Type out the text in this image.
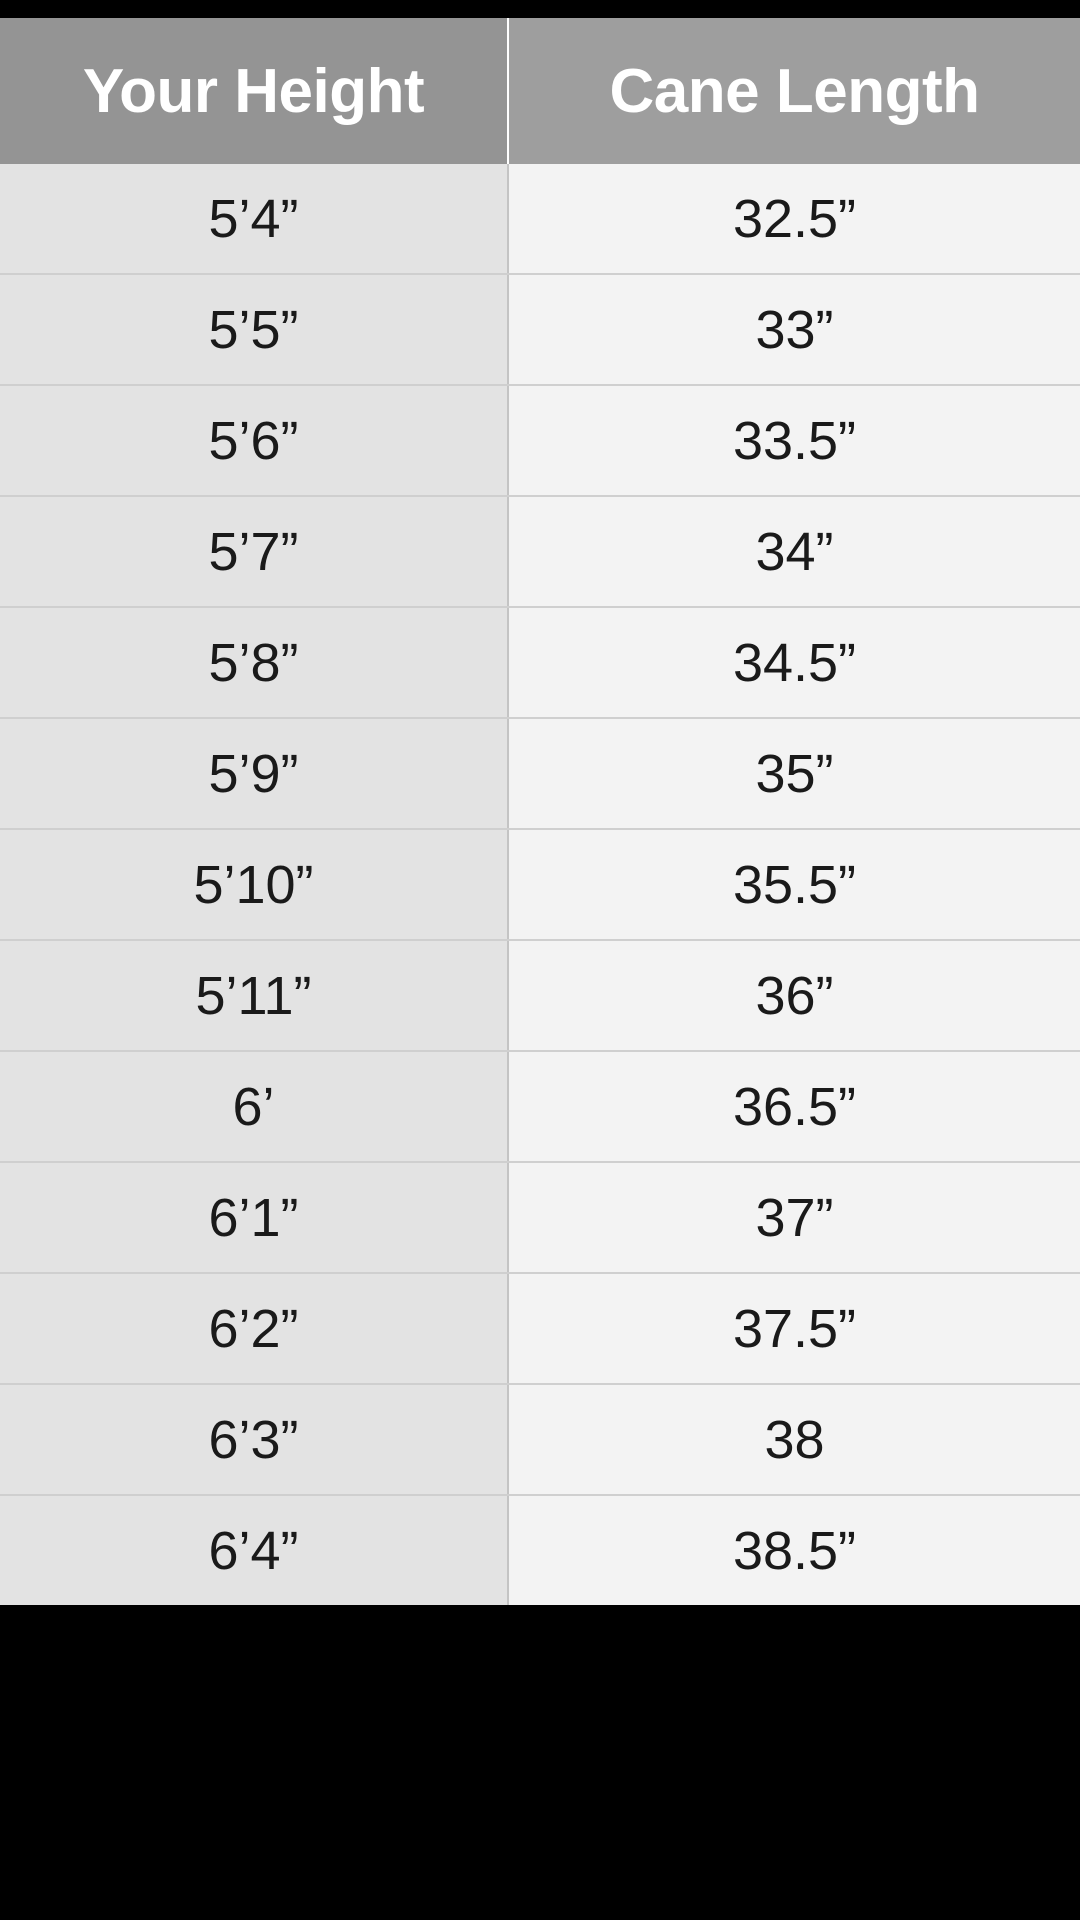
Your Height	Cane Length
5’4”	32.5”
5’5”	33”
5’6”	33.5”
5’7”	34”
5’8”	34.5”
5’9”	35”
5’10”	35.5”
5’11”	36”
6’	36.5”
6’1”	37”
6’2”	37.5”
6’3”	38
6’4”	38.5”
